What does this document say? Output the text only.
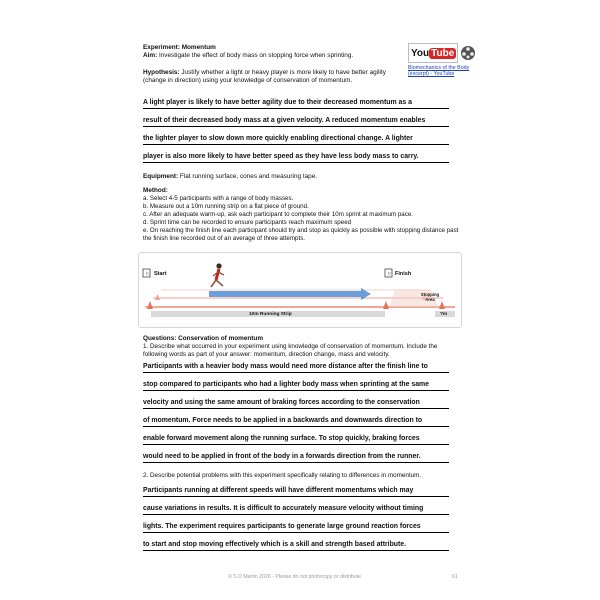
You Tube
Biomechanics of the Body (excerpt) - YouTube
Experiment: Momentum
Aim: Investigate the effect of body mass on stopping force when sprinting.
Hypothesis: Justify whether a light or heavy player is more likely to have better agility (change in direction) using your knowledge of conservation of momentum.
A light player is likely to have better agility due to their decreased momentum as a
result of their decreased body mass at a given velocity. A reduced momentum enables
the lighter player to slow down more quickly enabling directional change. A lighter
player is also more likely to have better speed as they have less body mass to carry.
Equipment: Flat running surface, cones and measuring tape.
Method:
a. Select 4-5 participants with a range of body masses.
b. Measure out a 10m running strip on a flat piece of ground.
c. After an adequate warm-up, ask each participant to complete their 10m sprint at maximum pace.
d. Sprint time can be recorded to ensure participants reach maximum speed
e. On reaching the finish line each participant should try and stop as quickly as possible with stopping distance past the finish line recorded out of an average of three attempts.
⚐	⚐
Start	Finish
Stopping Area
10m Running Strip	?m
Questions: Conservation of momentum
1. Describe what occurred in your experiment using knowledge of conservation of momentum. Include the following words as part of your answer: momentum, direction change, mass and velocity.
Participants with a heavier body mass would need more distance after the finish line to
stop compared to participants who had a lighter body mass when sprinting at the same
velocity and using the same amount of braking forces according to the conservation
of momentum. Force needs to be applied in a backwards and downwards direction to
enable forward movement along the running surface. To stop quickly, braking forces
would need to be applied in front of the body in a forwards direction from the runner.
2. Describe potential problems with this experiment specifically relating to differences in momentum.
Participants running at different speeds will have different momentums which may
cause variations in results. It is difficult to accurately measure velocity without timing
lights. The experiment requires participants to generate large ground reaction forces
to start and stop moving effectively which is a skill and strength based attribute.
© S D Martin 2026 - Please do not photocopy or distribute	61
